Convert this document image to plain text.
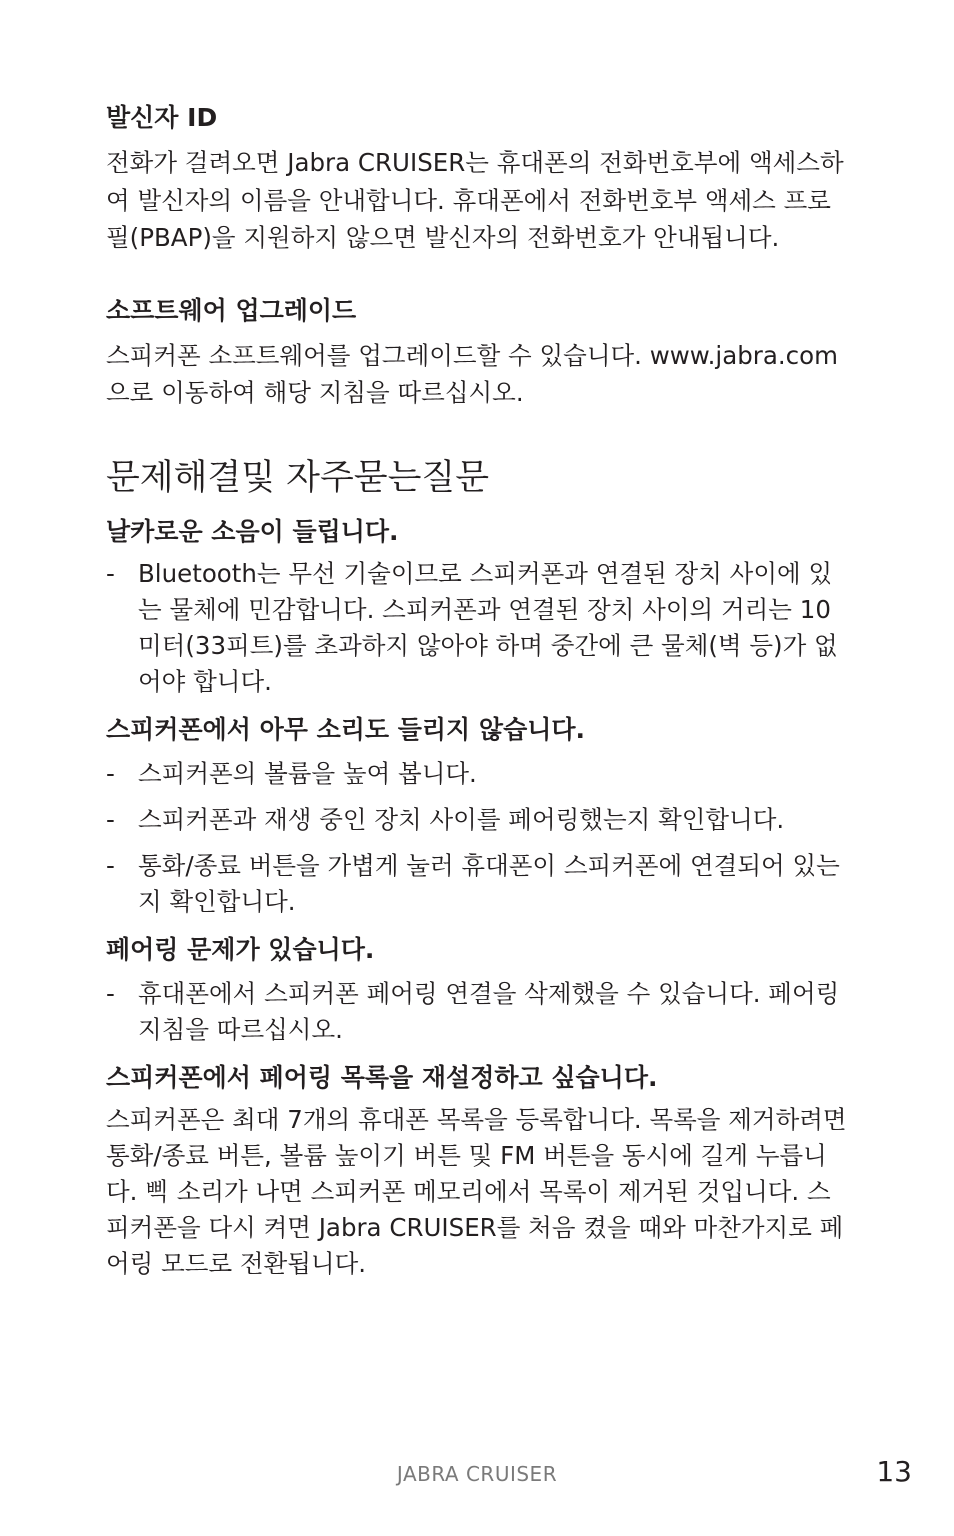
발신자 ID

전화가 걸려오면 Jabra CRUISER는 휴대폰의 전화번호부에 액세스하여 발신자의 이름을 안내합니다. 휴대폰에서 전화번호부 액세스 프로필(PBAP)을 지원하지 않으면 발신자의 전화번호가 안내됩니다.

소프트웨어 업그레이드

스피커폰 소프트웨어를 업그레이드할 수 있습니다. www.jabra.com 으로 이동하여 해당 지침을 따르십시오.

문제해결및 자주묻는질문
날카로운 소음이 들립니다.

- Bluetooth는 무선 기술이므로 스피커폰과 연결된 장치 사이에 있는 물체에 민감합니다. 스피커폰과 연결된 장치 사이의 거리는 10미터(33피트)를 초과하지 않아야 하며 중간에 큰 물체(벽 등)가 없어야 합니다.

스피커폰에서 아무 소리도 들리지 않습니다.

- 스피커폰의 볼륨을 높여 봅니다.

- 스피커폰과 재생 중인 장치 사이를 페어링했는지 확인합니다.

- 통화/종료 버튼을 가볍게 눌러 휴대폰이 스피커폰에 연결되어 있는지 확인합니다.

페어링 문제가 있습니다.

- 휴대폰에서 스피커폰 페어링 연결을 삭제했을 수 있습니다. 페어링 지침을 따르십시오.

스피커폰에서 페어링 목록을 재설정하고 싶습니다.

스피커폰은 최대 7개의 휴대폰 목록을 등록합니다. 목록을 제거하려면 통화/종료 버튼, 볼륨 높이기 버튼 및 FM 버튼을 동시에 길게 누릅니다. 삑 소리가 나면 스피커폰 메모리에서 목록이 제거된 것입니다. 스피커폰을 다시 켜면 Jabra CRUISER를 처음 켰을 때와 마찬가지로 페어링 모드로 전환됩니다.

JABRA CRUISER	13
